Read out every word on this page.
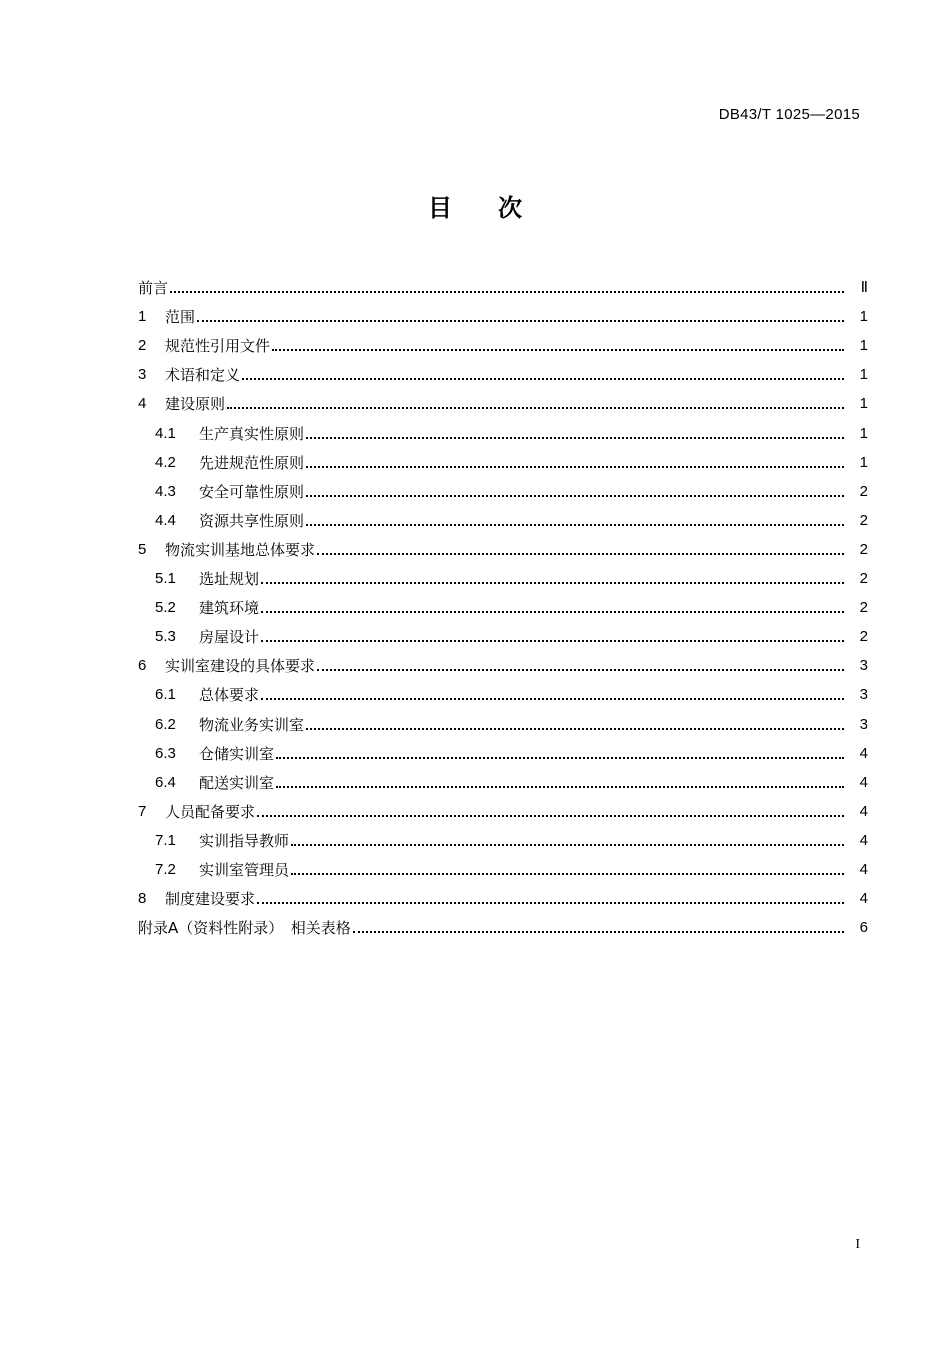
DB43/T 1025—2015
目次
前言	Ⅱ
1	范围	1
2	规范性引用文件	1
3	术语和定义	1
4	建设原则	1
4.1	生产真实性原则	1
4.2	先进规范性原则	1
4.3	安全可靠性原则	2
4.4	资源共享性原则	2
5	物流实训基地总体要求	2
5.1	选址规划	2
5.2	建筑环境	2
5.3	房屋设计	2
6	实训室建设的具体要求	3
6.1	总体要求	3
6.2	物流业务实训室	3
6.3	仓储实训室	4
6.4	配送实训室	4
7	人员配备要求	4
7.1	实训指导教师	4
7.2	实训室管理员	4
8	制度建设要求	4
附录A（资料性附录）　相关表格	6
I
